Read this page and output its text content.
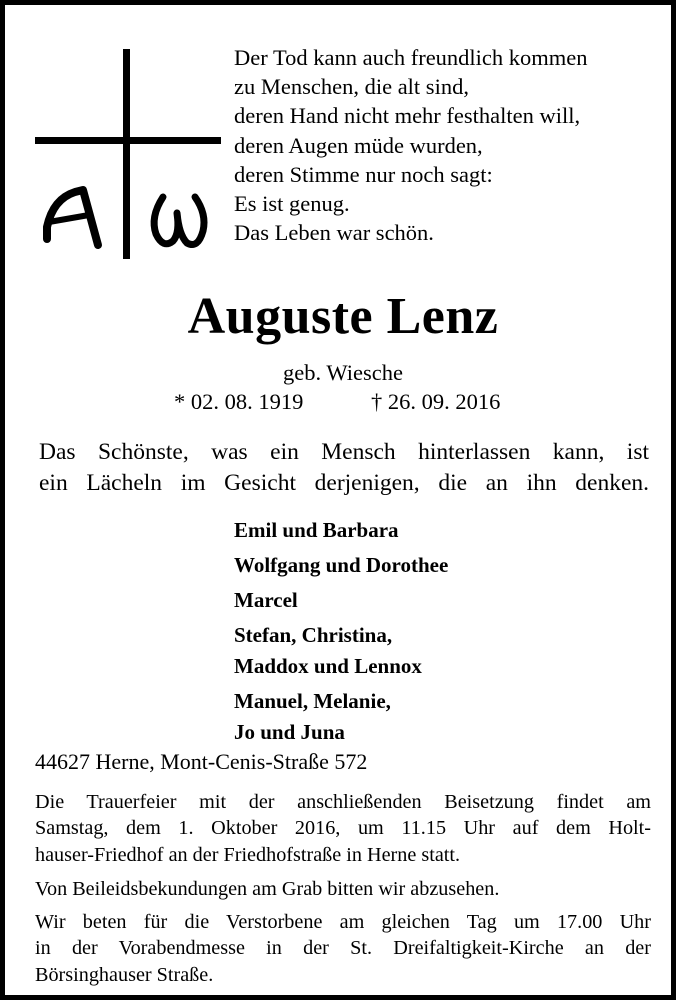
Der Tod kann auch freundlich kommen
zu Menschen, die alt sind,
deren Hand nicht mehr festhalten will,
deren Augen müde wurden,
deren Stimme nur noch sagt:
Es ist genug.
Das Leben war schön.
Auguste Lenz
geb. Wiesche
* 02. 08. 1919	† 26. 09. 2016
Das Schönste, was ein Mensch hinterlassen kann, ist
ein Lächeln im Gesicht derjenigen, die an ihn denken.
Emil und Barbara
Wolfgang und Dorothee
Marcel
Stefan, Christina,
Maddox und Lennox
Manuel, Melanie,
Jo und Juna
44627 Herne, Mont-Cenis-Straße 572
Die Trauerfeier mit der anschließenden Beisetzung findet am
Samstag, dem 1. Oktober 2016, um 11.15 Uhr auf dem Holt-
hauser-Friedhof an der Friedhofstraße in Herne statt.
Von Beileidsbekundungen am Grab bitten wir abzusehen.
Wir beten für die Verstorbene am gleichen Tag um 17.00 Uhr
in der Vorabendmesse in der St. Dreifaltigkeit-Kirche an der
Börsinghauser Straße.
